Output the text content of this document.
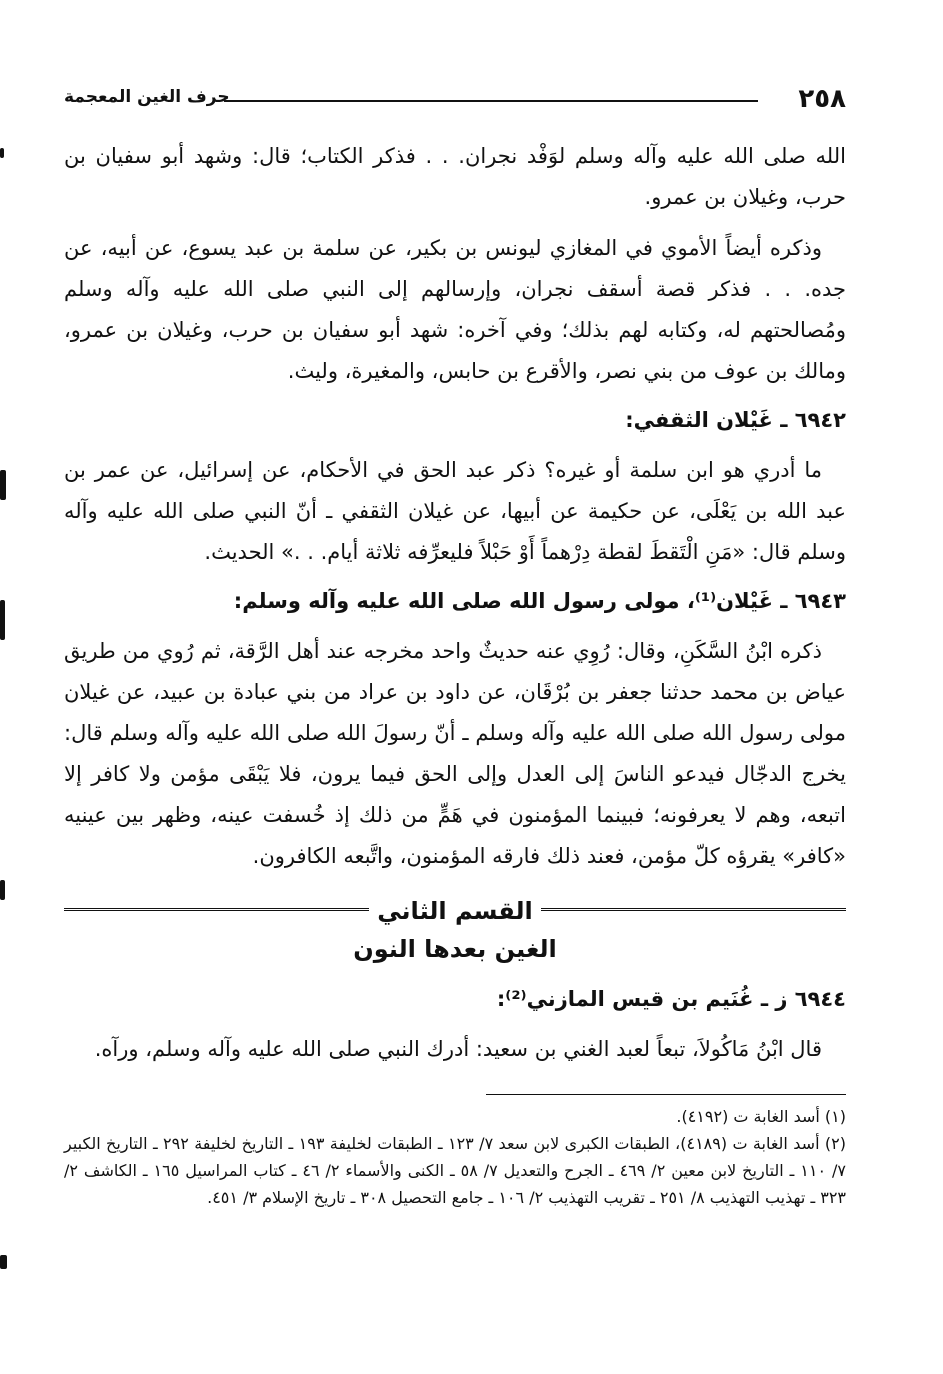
٢٥٨
حرف الغين المعجمة

الله صلى الله عليه وآله وسلم لوَفْد نجران. . . فذكر الكتاب؛ قال: وشهد أبو سفيان بن حرب، وغيلان بن عمرو.

وذكره أيضاً الأموي في المغازي ليونس بن بكير، عن سلمة بن عبد يسوع، عن أبيه، عن جده. . . فذكر قصة أسقف نجران، وإرسالهم إلى النبي صلى الله عليه وآله وسلم ومُصالحتهم له، وكتابه لهم بذلك؛ وفي آخره: شهد أبو سفيان بن حرب، وغيلان بن عمرو، ومالك بن عوف من بني نصر، والأقرع بن حابس، والمغيرة، وليث.

٦٩٤٢ ـ غَيْلان الثقفي:

ما أدري هو ابن سلمة أو غيره؟ ذكر عبد الحق في الأحكام، عن إسرائيل، عن عمر بن عبد الله بن يَعْلَى، عن حكيمة عن أبيها، عن غيلان الثقفي ـ أنّ النبي صلى الله عليه وآله وسلم قال: «مَنِ الْتَقطَ لقطة دِرْهماً أَوْ حَبْلاً فليعرِّفه ثلاثة أيام. . .» الحديث.

٦٩٤٣ ـ غَيْلان⁽¹⁾، مولى رسول الله صلى الله عليه وآله وسلم:

ذكره ابْنُ السَّكَنِ، وقال: رُوِي عنه حديثٌ واحد مخرجه عند أهل الرَّقة، ثم رُوي من طريق عياض بن محمد حدثنا جعفر بن بُرْقَان، عن داود بن عراد من بني عبادة بن عبيد، عن غيلان مولى رسول الله صلى الله عليه وآله وسلم ـ أنّ رسولَ الله صلى الله عليه وآله وسلم قال: يخرج الدجّال فيدعو الناسَ إلى العدل وإلى الحق فيما يرون، فلا يَبْقَى مؤمن ولا كافر إلا اتبعه، وهم لا يعرفونه؛ فبينما المؤمنون في هَمٍّ من ذلك إذ خُسفت عينه، وظهر بين عينيه «كافر» يقرؤه كلّ مؤمن، فعند ذلك فارقه المؤمنون، واتَّبعه الكافرون.

القسم الثاني
الغين بعدها النون
٦٩٤٤ ز ـ غُنَيم بن قيس المازني⁽²⁾:

قال ابْنُ مَاكُولاَ، تبعاً لعبد الغني بن سعيد: أدرك النبي صلى الله عليه وآله وسلم، ورآه.

(١) أسد الغابة ت (٤١٩٢).

(٢) أسد الغابة ت (٤١٨٩)، الطبقات الكبرى لابن سعد ٧/ ١٢٣ ـ الطبقات لخليفة ١٩٣ ـ التاريخ لخليفة ٢٩٢ ـ التاريخ الكبير ٧/ ١١٠ ـ التاريخ لابن معين ٢/ ٤٦٩ ـ الجرح والتعديل ٧/ ٥٨ ـ الكنى والأسماء ٢/ ٤٦ ـ كتاب المراسيل ١٦٥ ـ الكاشف ٢/ ٣٢٣ ـ تهذيب التهذيب ٨/ ٢٥١ ـ تقريب التهذيب ٢/ ١٠٦ ـ جامع التحصيل ٣٠٨ ـ تاريخ الإسلام ٣/ ٤٥١.
